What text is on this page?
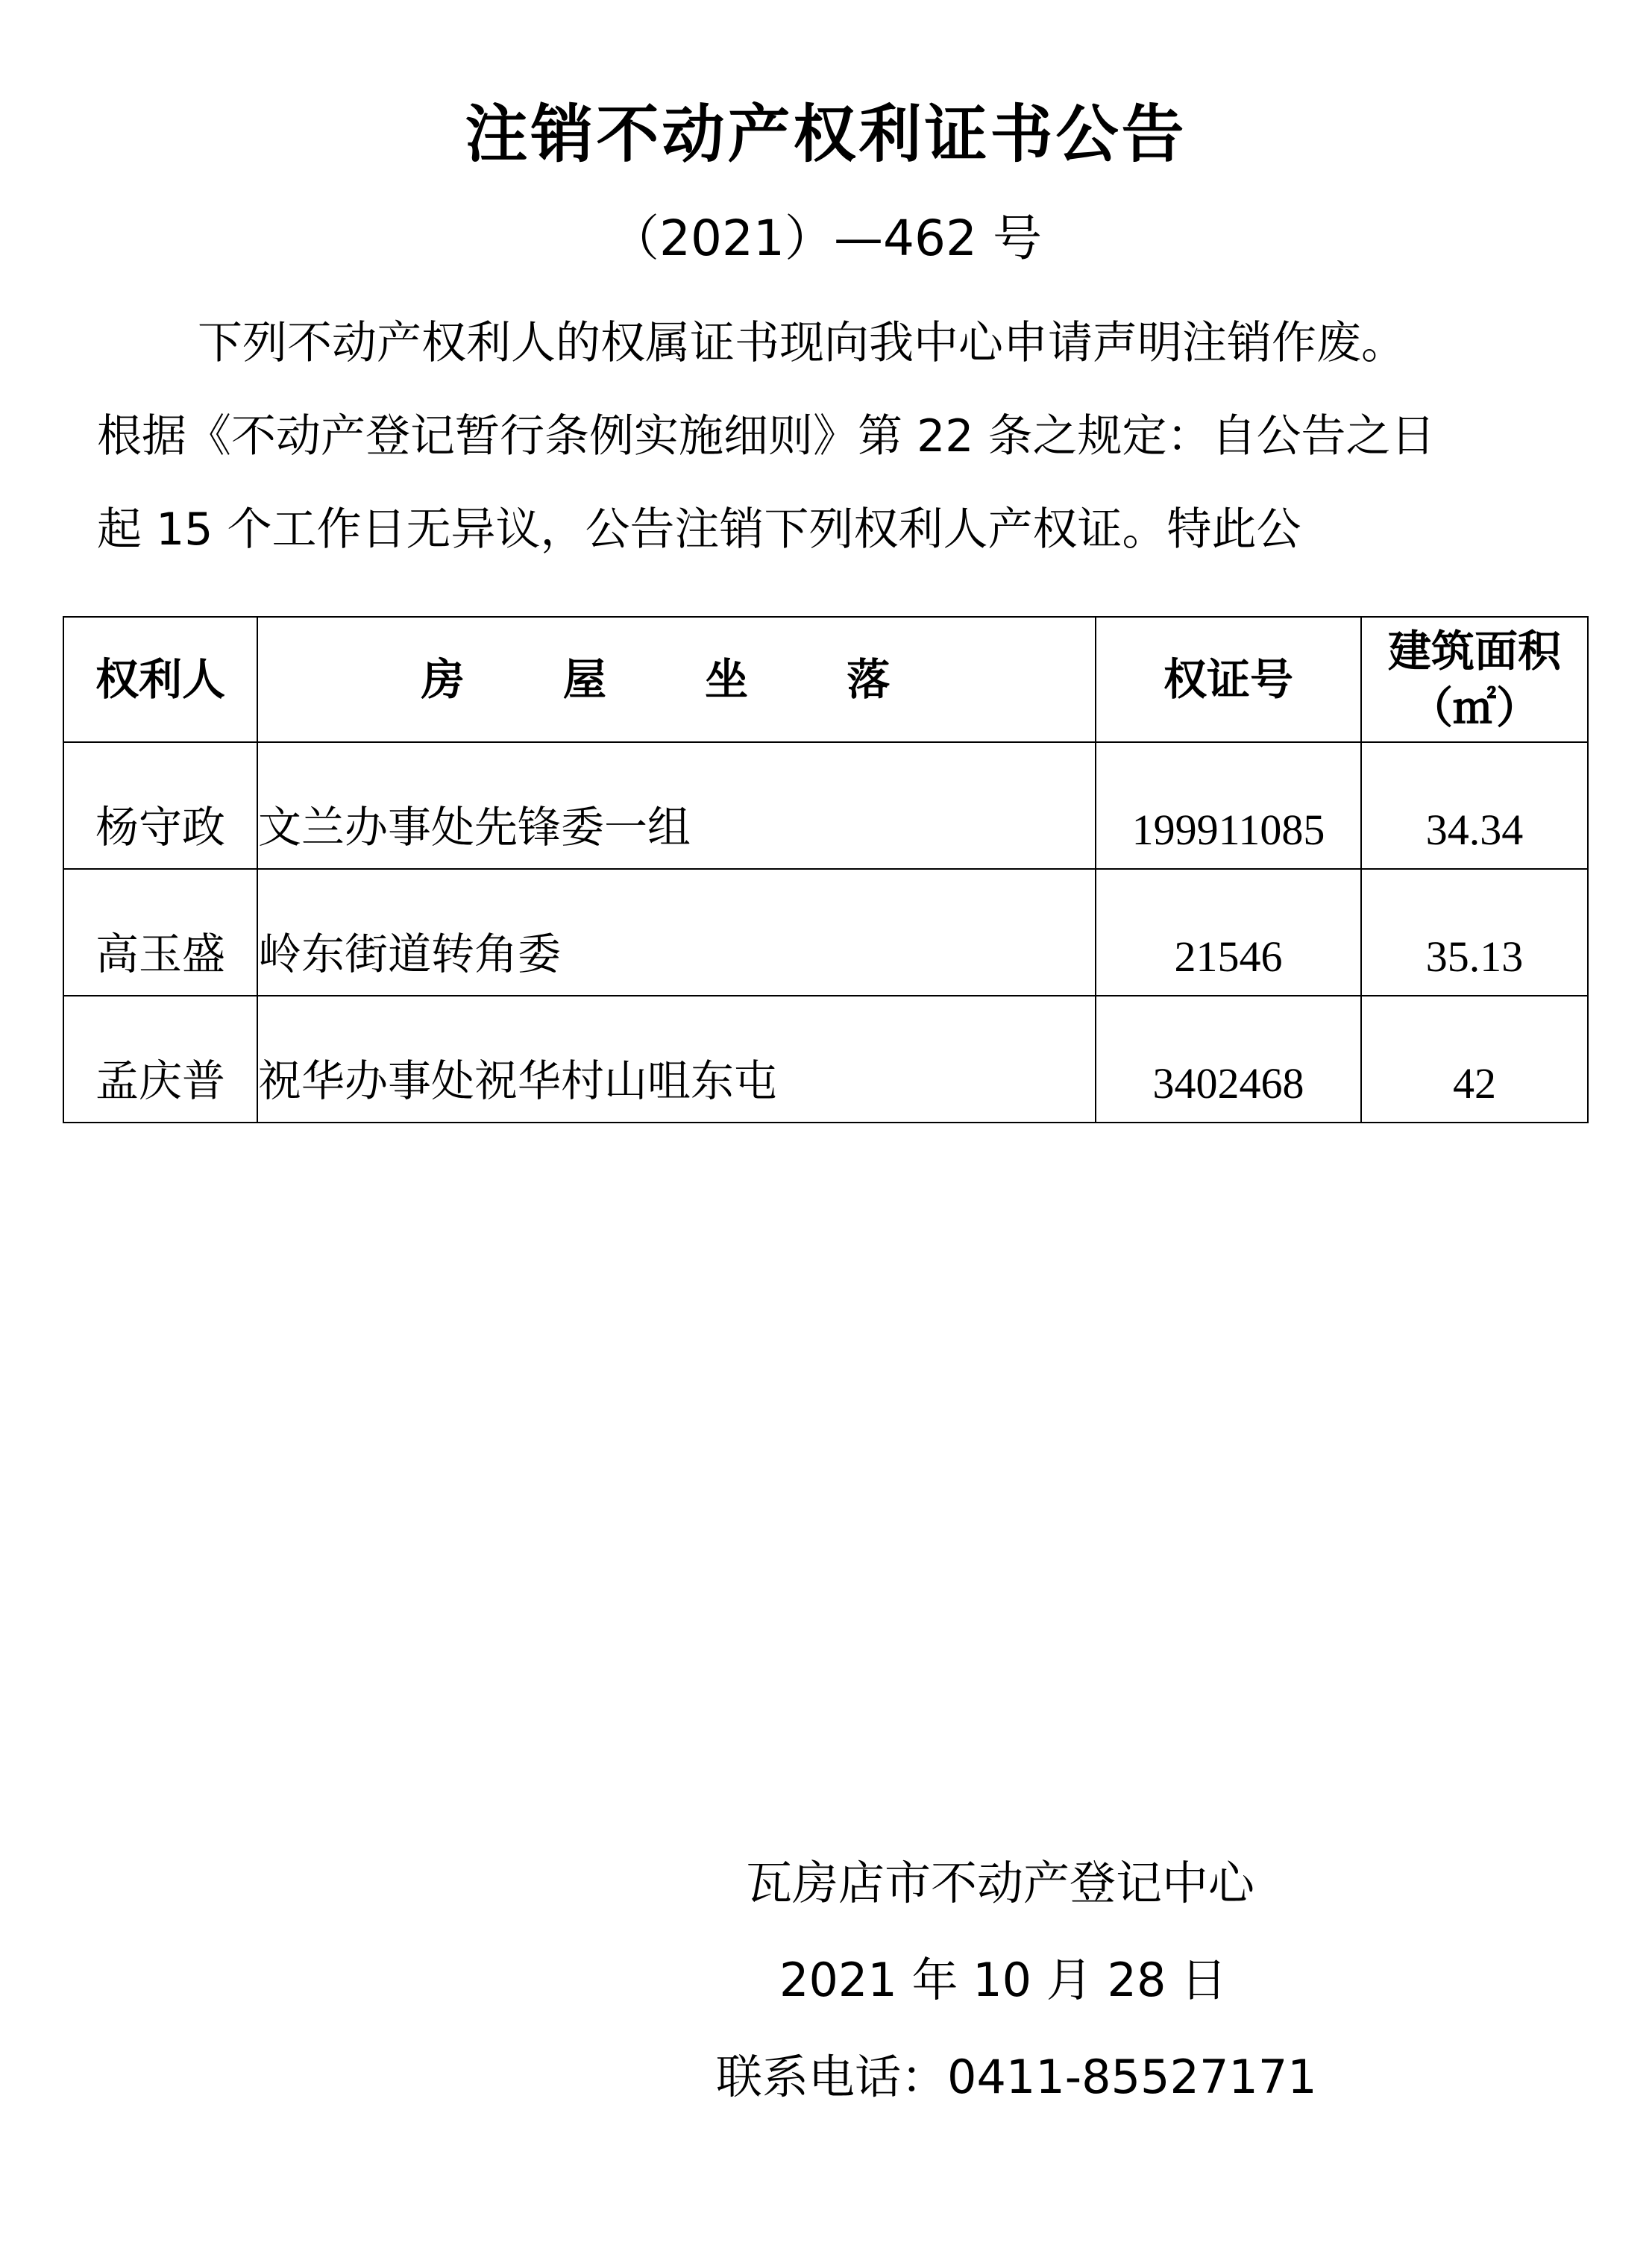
注销不动产权利证书公告
（2021）—462 号
下列不动产权利人的权属证书现向我中心申请声明注销作废。
根据《不动产登记暂行条例实施细则》第 22 条之规定：自公告之日
起 15 个工作日无异议，公告注销下列权利人产权证。特此公
权利人	房 屋 坐 落	权证号	建筑面积
（㎡）

杨守政	文兰办事处先锋委一组	199911085	34.34
高玉盛	岭东街道转角委	21546	35.13
孟庆普	祝华办事处祝华村山咀东屯	3402468	42
瓦房店市不动产登记中心
2021 年 10 月 28 日
联系电话：0411-85527171
